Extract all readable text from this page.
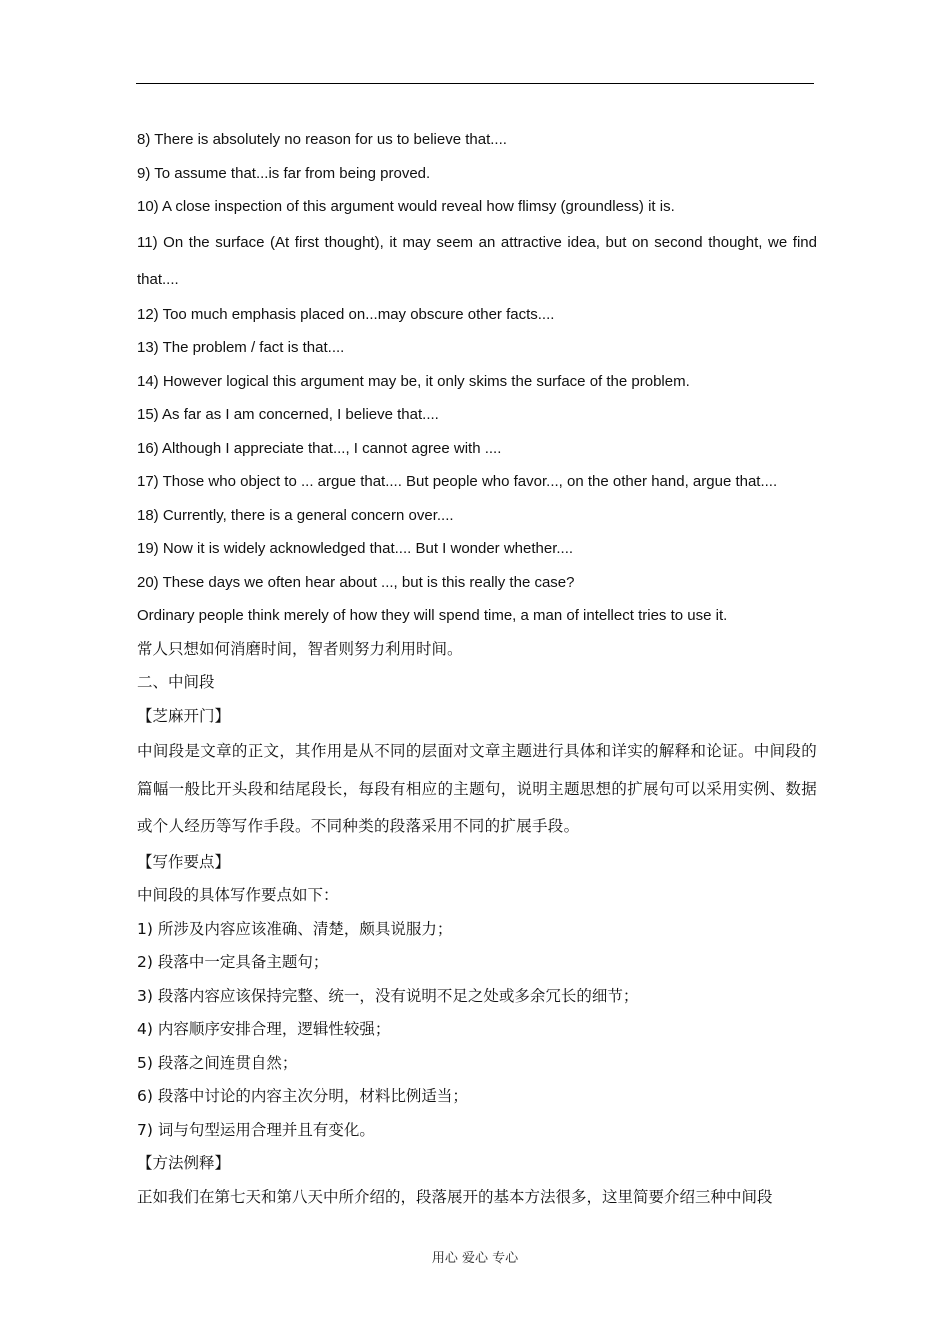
8) There is absolutely no reason for us to believe that....
9) To assume that...is far from being proved.
10) A close inspection of this argument would reveal how flimsy (groundless) it is.
11) On the surface (At first thought), it may seem an attractive idea, but on second thought, we find that....
12) Too much emphasis placed on...may obscure other facts....
13) The problem / fact is that....
14) However logical this argument may be, it only skims the surface of the problem.
15) As far as I am concerned, I believe that....
16) Although I appreciate that..., I cannot agree with ....
17) Those who object to ... argue that.... But people who favor..., on the other hand, argue that....
18) Currently, there is a general concern over....
19) Now it is widely acknowledged that.... But I wonder whether....
20) These days we often hear about ..., but is this really the case?
Ordinary people think merely of how they will spend time, a man of intellect tries to use it.
常人只想如何消磨时间，智者则努力利用时间。
二、中间段
【芝麻开门】
中间段是文章的正文，其作用是从不同的层面对文章主题进行具体和详实的解释和论证。中间段的篇幅一般比开头段和结尾段长，每段有相应的主题句，说明主题思想的扩展句可以采用实例、数据或个人经历等写作手段。不同种类的段落采用不同的扩展手段。
【写作要点】
中间段的具体写作要点如下：
1) 所涉及内容应该准确、清楚，颇具说服力；
2) 段落中一定具备主题句；
3) 段落内容应该保持完整、统一，没有说明不足之处或多余冗长的细节；
4) 内容顺序安排合理，逻辑性较强；
5) 段落之间连贯自然；
6) 段落中讨论的内容主次分明，材料比例适当；
7) 词与句型运用合理并且有变化。
【方法例释】
正如我们在第七天和第八天中所介绍的，段落展开的基本方法很多，这里简要介绍三种中间段
用心 爱心 专心
